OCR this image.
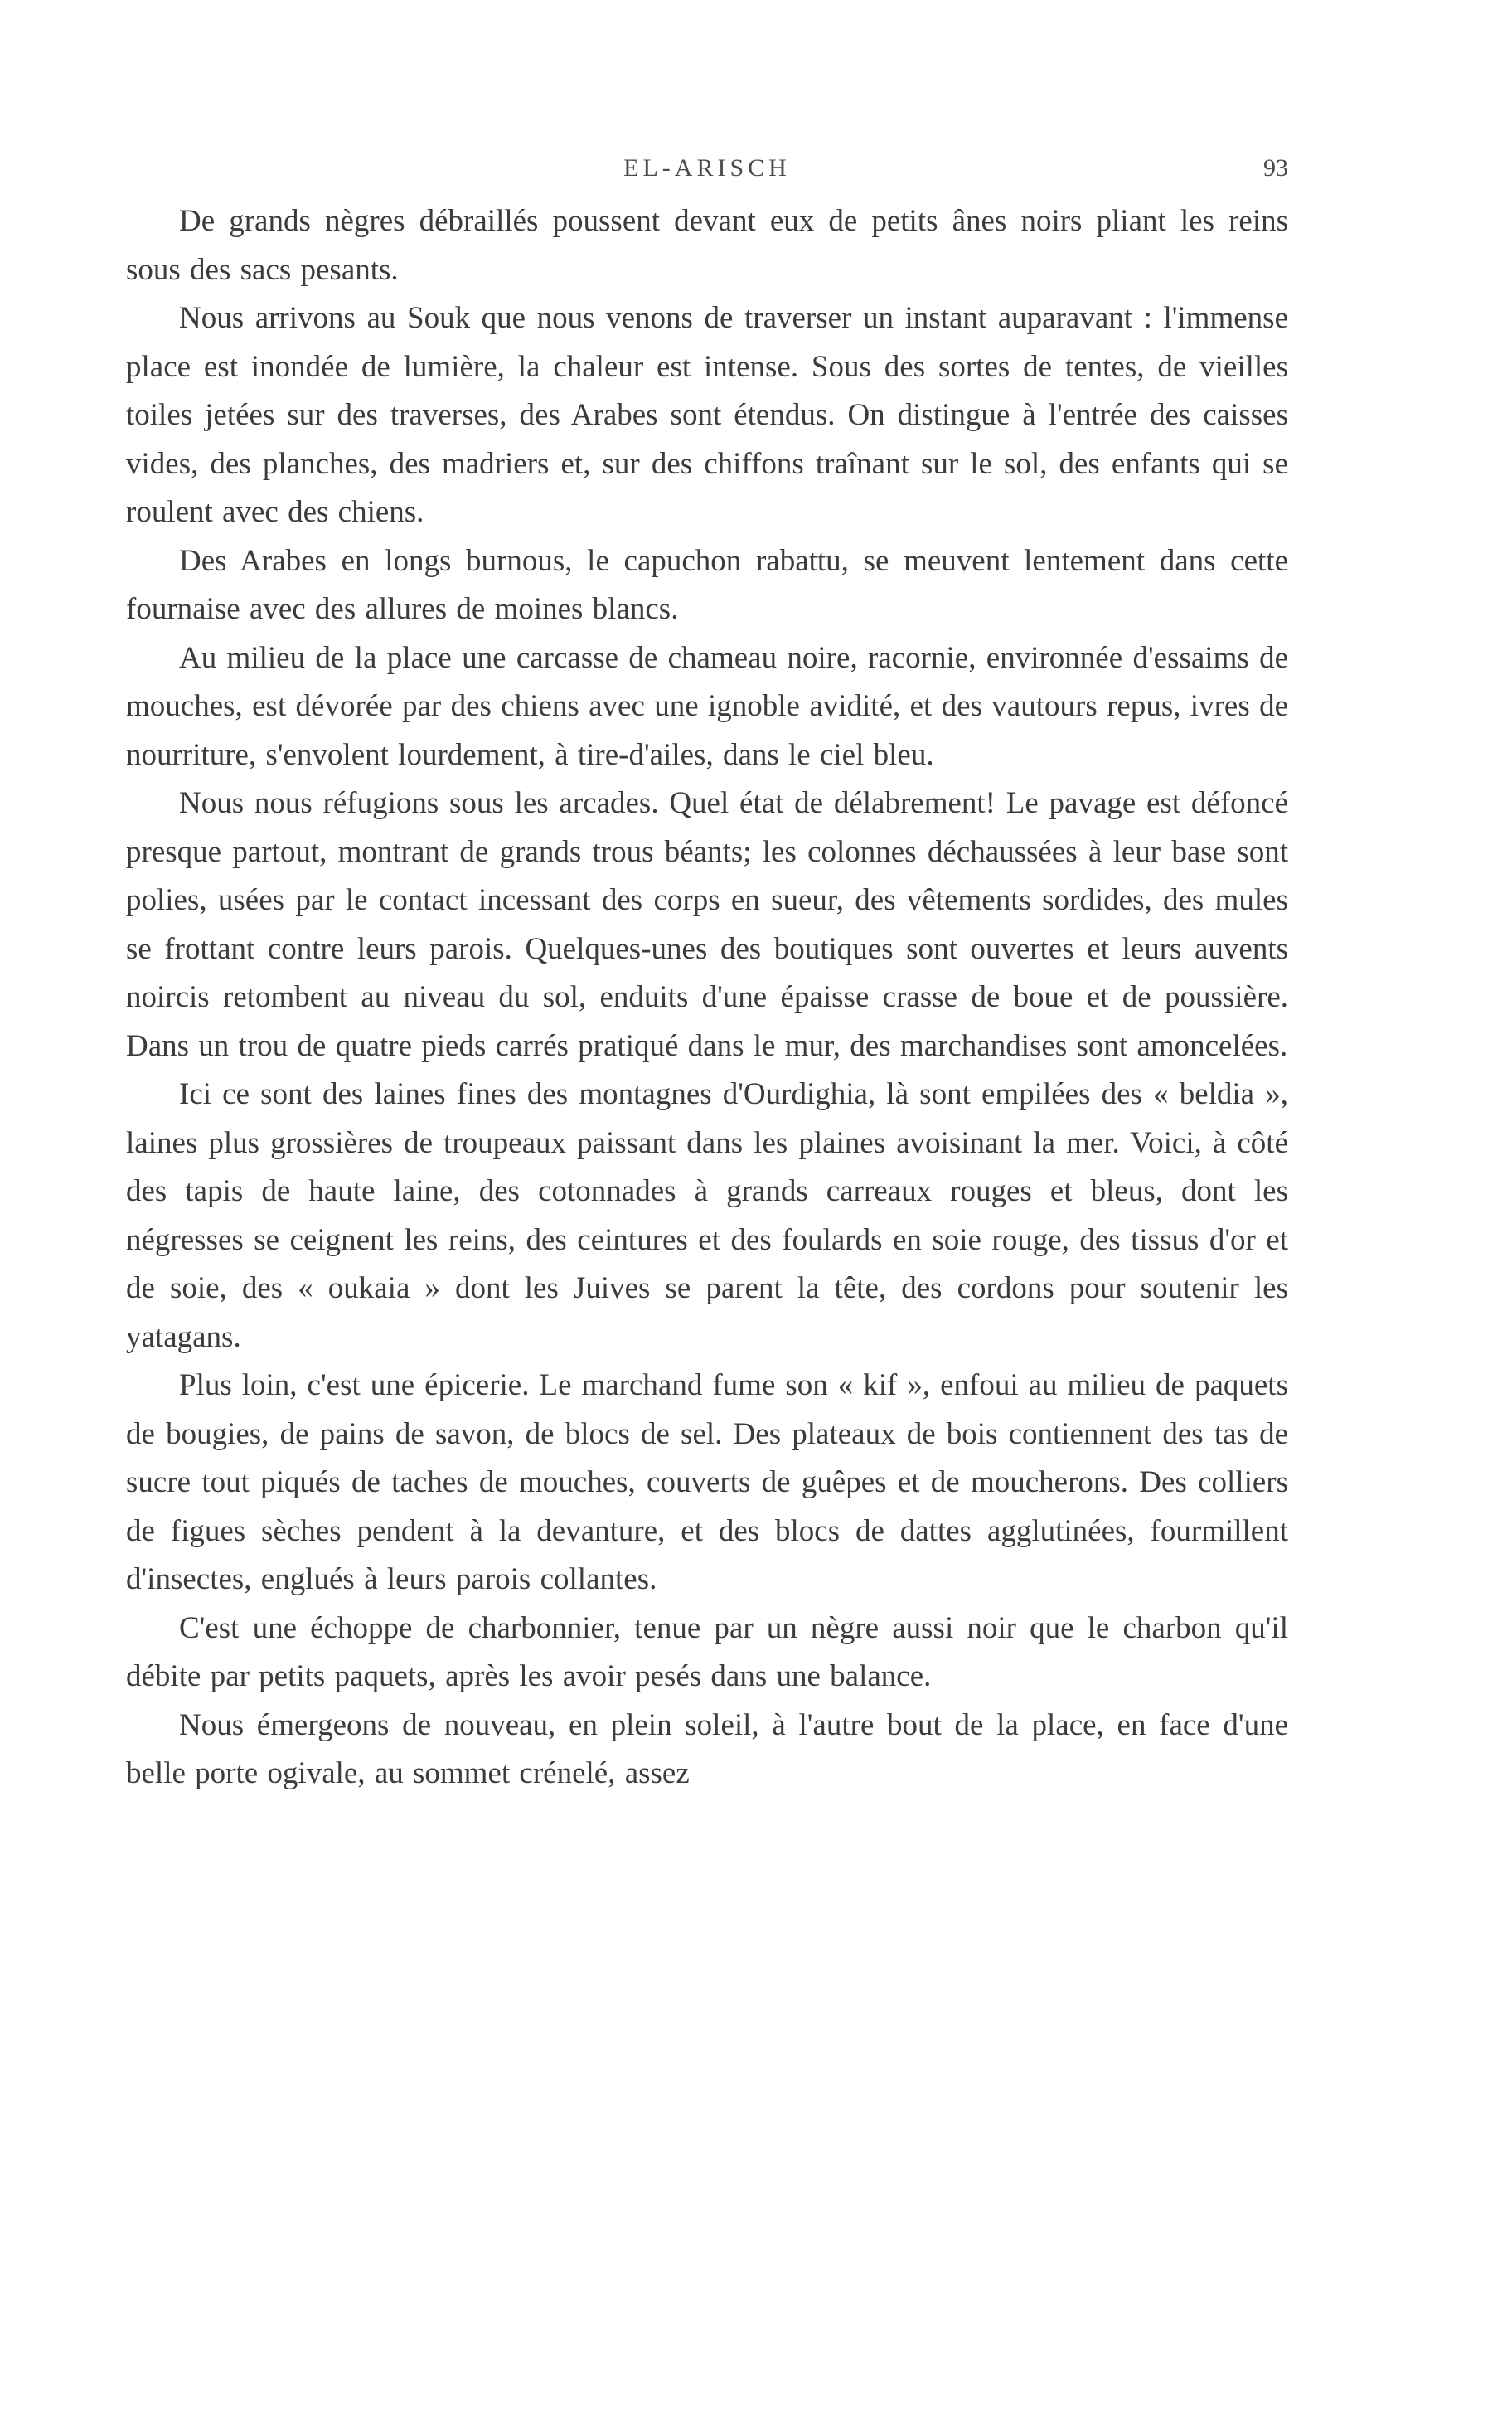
EL-ARISCH	93

De grands nègres débraillés poussent devant eux de petits ânes noirs pliant les reins sous des sacs pesants.

Nous arrivons au Souk que nous venons de traverser un instant auparavant : l'immense place est inondée de lumière, la chaleur est intense. Sous des sortes de tentes, de vieilles toiles jetées sur des traverses, des Arabes sont étendus. On distingue à l'entrée des caisses vides, des planches, des madriers et, sur des chiffons traînant sur le sol, des enfants qui se roulent avec des chiens.

Des Arabes en longs burnous, le capuchon rabattu, se meuvent lentement dans cette fournaise avec des allures de moines blancs.

Au milieu de la place une carcasse de chameau noire, racornie, environnée d'essaims de mouches, est dévorée par des chiens avec une ignoble avidité, et des vautours repus, ivres de nourriture, s'envolent lourdement, à tire-d'ailes, dans le ciel bleu.

Nous nous réfugions sous les arcades. Quel état de délabrement! Le pavage est défoncé presque partout, montrant de grands trous béants; les colonnes déchaussées à leur base sont polies, usées par le contact incessant des corps en sueur, des vêtements sordides, des mules se frottant contre leurs parois. Quelques-unes des boutiques sont ouvertes et leurs auvents noircis retombent au niveau du sol, enduits d'une épaisse crasse de boue et de poussière. Dans un trou de quatre pieds carrés pratiqué dans le mur, des marchandises sont amoncelées.

Ici ce sont des laines fines des montagnes d'Ourdighia, là sont empilées des « beldia », laines plus grossières de troupeaux paissant dans les plaines avoisinant la mer. Voici, à côté des tapis de haute laine, des cotonnades à grands carreaux rouges et bleus, dont les négresses se ceignent les reins, des ceintures et des foulards en soie rouge, des tissus d'or et de soie, des « oukaia » dont les Juives se parent la tête, des cordons pour soutenir les yatagans.

Plus loin, c'est une épicerie. Le marchand fume son « kif », enfoui au milieu de paquets de bougies, de pains de savon, de blocs de sel. Des plateaux de bois contiennent des tas de sucre tout piqués de taches de mouches, couverts de guêpes et de moucherons. Des colliers de figues sèches pendent à la devanture, et des blocs de dattes agglutinées, fourmillent d'insectes, englués à leurs parois collantes.

C'est une échoppe de charbonnier, tenue par un nègre aussi noir que le charbon qu'il débite par petits paquets, après les avoir pesés dans une balance.

Nous émergeons de nouveau, en plein soleil, à l'autre bout de la place, en face d'une belle porte ogivale, au sommet crénelé, assez
